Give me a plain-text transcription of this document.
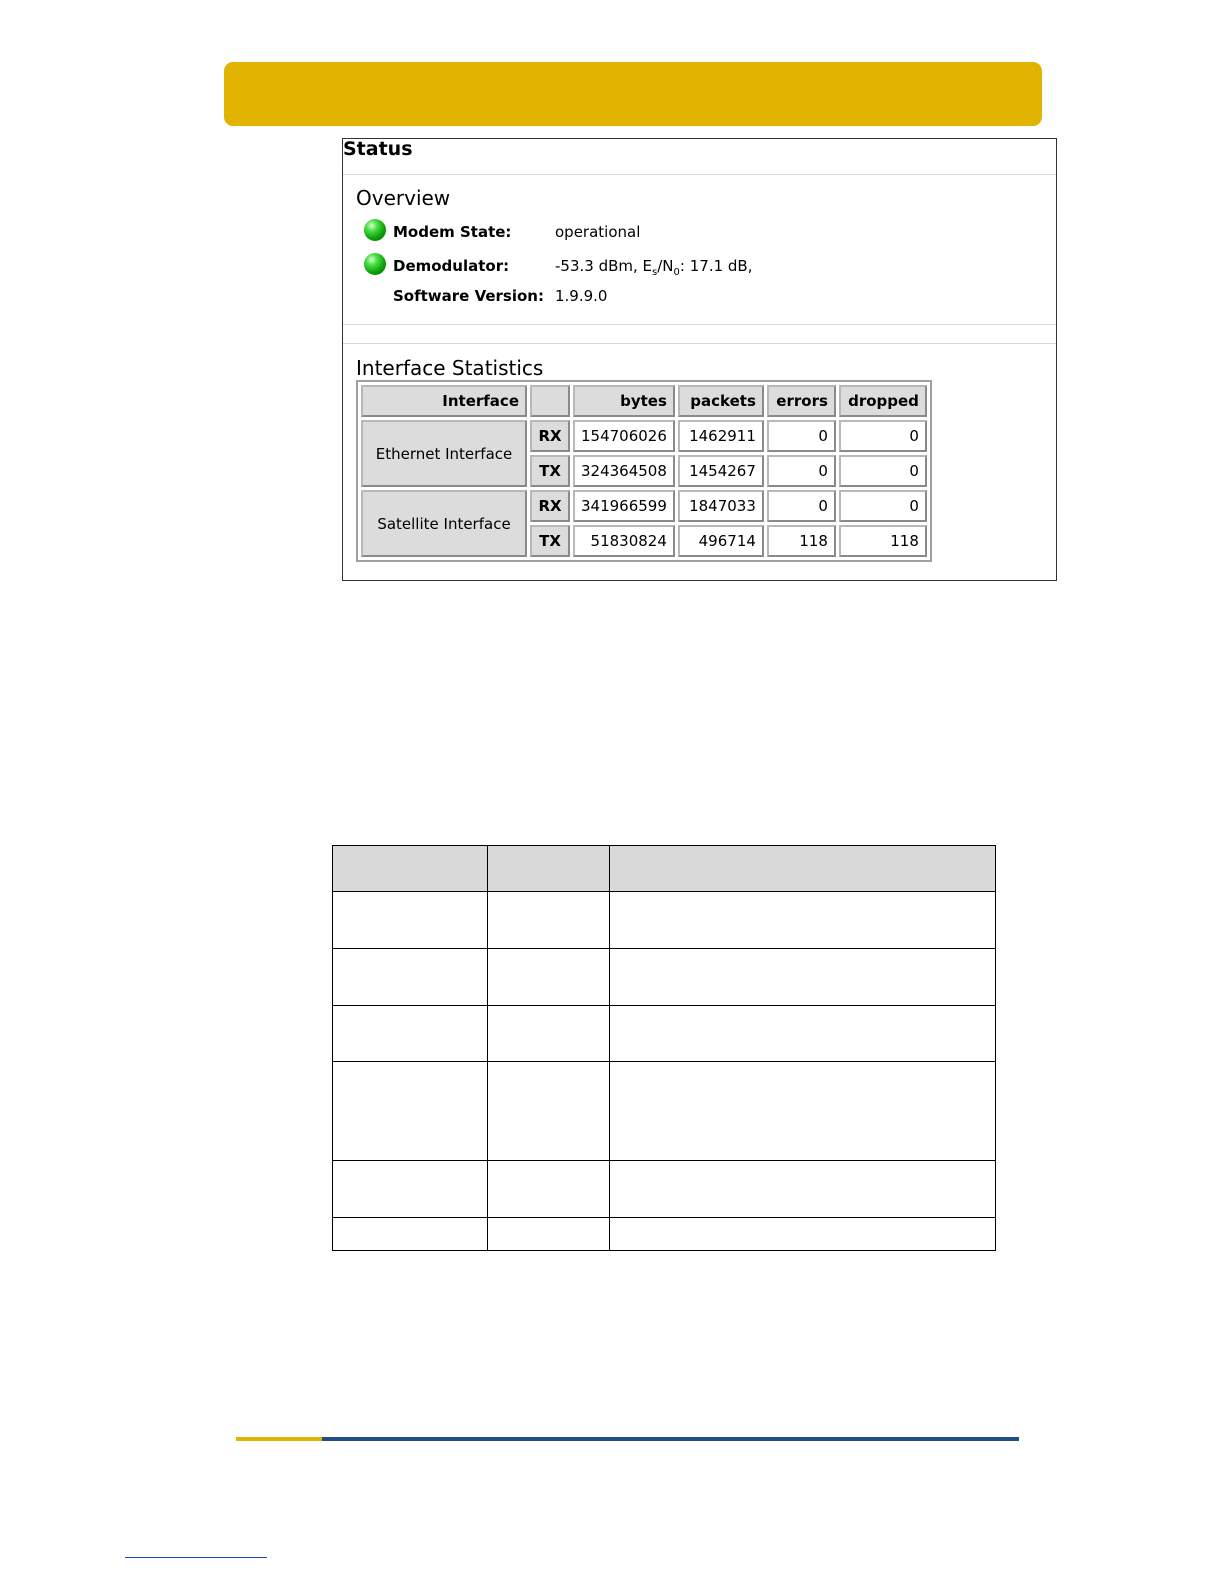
Status
Overview
Modem State:	operational
Demodulator:	-53.3 dBm, $E_s/N_0$: 17.1 dB,
Software Version: 1.9.9.0
Interface Statistics
Interface		bytes	packets	errors	dropped
Ethernet Interface	RX	154706026	1462911	0	0
	TX	324364508	1454267	0	0
Satellite Interface	RX	341966599	1847033	0	0
	TX	51830824	496714	118	118
